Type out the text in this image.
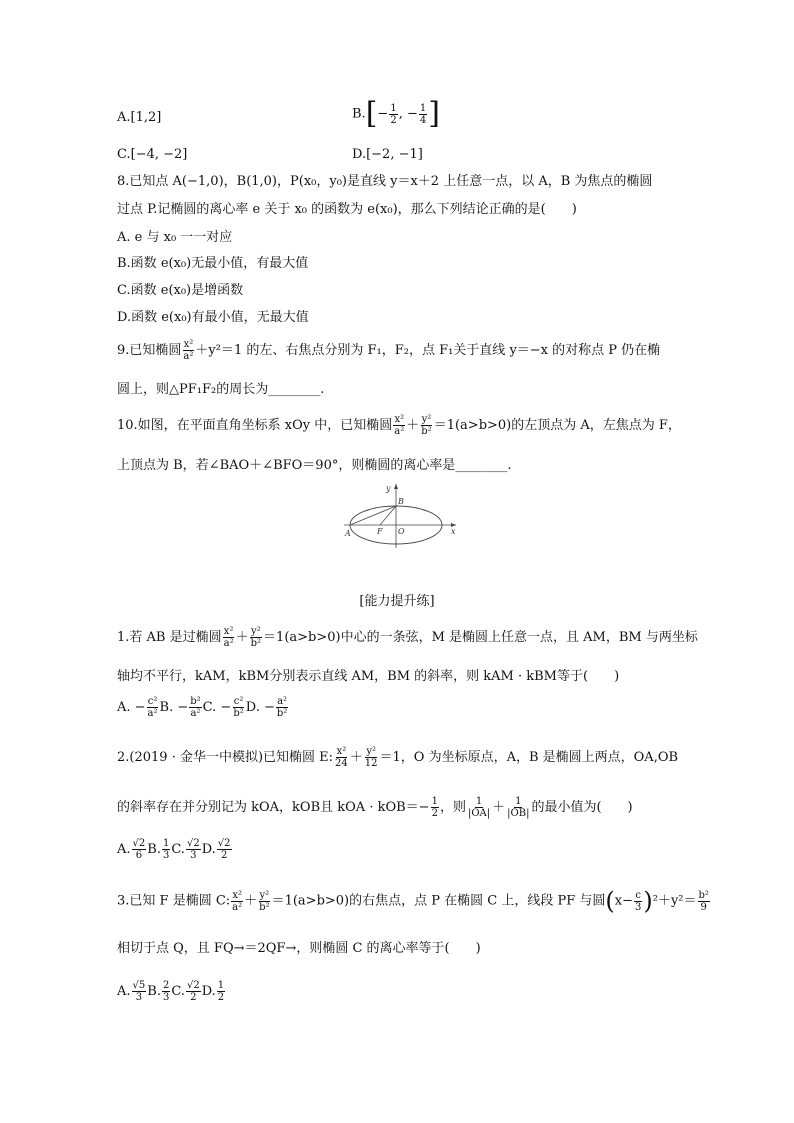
A.[1,2]	$B.[- \frac{1}{2}$ , − $\frac{1}{4}$ ]
C.[−4, −2]	D.[−2, −1]
8.已知点 A(−1,0)，B(1,0)，P(x₀，y₀)是直线 y＝x＋2 上任意一点，以 A，B 为焦点的椭圆
过点 P.记椭圆的离心率 e 关于 x₀ 的函数为 e(x₀)，那么下列结论正确的是(　　)
A. e 与 x₀ 一一对应
B.函数 e(x₀)无最小值，有最大值
C.函数 e(x₀)是增函数
D.函数 e(x₀)有最小值，无最大值
9.已知椭圆 $\frac{\text{x²}}{\text{a²}} +y^2=1$ 的左、右焦点分别为 F₁，F₂，点 F₁关于直线 y＝−x 的对称点 P 仍在椭
圆上，则△PF₁F₂的周长为________.
10.如图，在平面直角坐标系 xOy 中，已知椭圆 $\frac{\text{x²}}{\text{a²}} + \frac{\text{y²}}{\text{b²}} =1(a>b>0)$的左顶点为 A，左焦点为 F，
上顶点为 B，若∠BAO＋∠BFO＝90°，则椭圆的离心率是________.
A	F O
B
x
y
[能力提升练]
1.若 AB 是过椭圆 $\frac{\text{x²}}{\text{a²}} + \frac{\text{y²}}{\text{b²}} =1(a>b>0)$中心的一条弦，M 是椭圆上任意一点，且 AM，BM 与两坐标
轴均不平行，kAM，kBM分别表示直线 AM，BM 的斜率，则 kAM · kBM等于(　　)
A. − $\frac{\text{c²}}{\text{a²}} B$. − $\frac{\text{b²}}{\text{a²}} C$. − $\frac{\text{c²}}{\text{b²}} D$. − $\frac{\text{a²}}{\text{b²}}$
2.(2019 · 金华一中模拟)已知椭圆 E: $\frac{\text{x²}}{24} + \frac{\text{y²}}{12} =1$，O 为坐标原点，A，B 是椭圆上两点，OA,OB
的斜率存在并分别记为 kOA，kOB且 kOA · $kOB=- \frac{1}{2}$ ，则 $\frac{1}{|OA|} + \frac{1}{|OB|}$ 的最小值为(　　)
A. $\frac{√2}{6} B$. $\frac{1}{3} C$. $\frac{√2}{3} D$. $\frac{√2}{2}$
3.已知 F 是椭圆 C: $\frac{\text{x²}}{\text{a²}} + \frac{\text{y²}}{\text{b²}} =1(a>b>0)$的右焦点，点 P 在椭圆 C 上，线段 PF 与圆$(x- \frac{c}{3} )^2+y^2= \frac{\text{b²}}{9}$
相切于点 Q，且 FQ→＝2QF→，则椭圆 C 的离心率等于(　　)
A. $\frac{√5}{3} B$. $\frac{2}{3} C$. $\frac{√2}{2} D$. $\frac{1}{2}$
